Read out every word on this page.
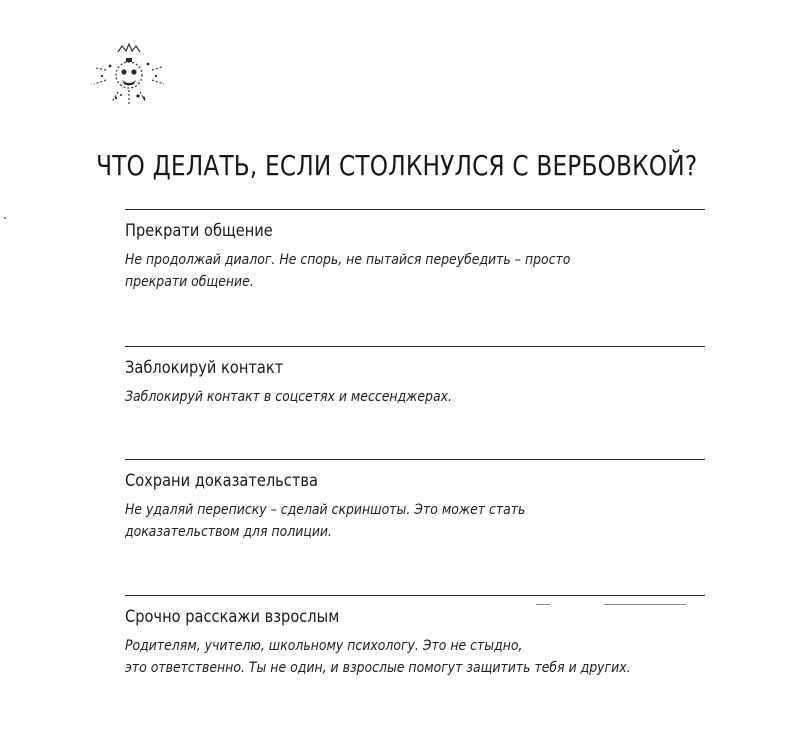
ЧТО ДЕЛАТЬ, ЕСЛИ СТОЛКНУЛСЯ С ВЕРБОВКОЙ?
Прекрати общение

Не продолжай диалог. Не спорь, не пытайся переубедить – просто
прекрати общение.

Заблокируй контакт

Заблокируй контакт в соцсетях и мессенджерах.

Сохрани доказательства

Не удаляй переписку – сделай скриншоты. Это может стать
доказательством для полиции.

Срочно расскажи взрослым

Родителям, учителю, школьному психологу. Это не стыдно,
это ответственно. Ты не один, и взрослые помогут защитить тебя и других.
